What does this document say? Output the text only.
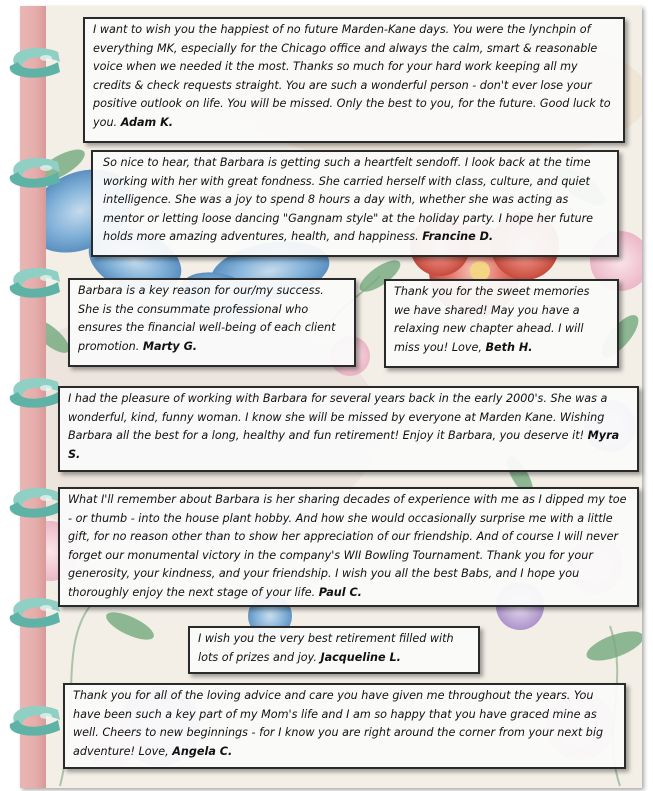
I want to wish you the happiest of no future Marden-Kane days. You were the lynchpin of everything MK, especially for the Chicago office and always the calm, smart & reasonable voice when we needed it the most. Thanks so much for your hard work keeping all my credits & check requests straight. You are such a wonderful person - don't ever lose your positive outlook on life. You will be missed. Only the best to you, for the future. Good luck to you. Adam K.
So nice to hear, that Barbara is getting such a heartfelt sendoff. I look back at the time working with her with great fondness. She carried herself with class, culture, and quiet intelligence. She was a joy to spend 8 hours a day with, whether she was acting as mentor or letting loose dancing "Gangnam style" at the holiday party. I hope her future holds more amazing adventures, health, and happiness. Francine D.
Barbara is a key reason for our/my success. She is the consummate professional who ensures the financial well-being of each client promotion. Marty G.
Thank you for the sweet memories we have shared! May you have a relaxing new chapter ahead. I will miss you! Love, Beth H.
I had the pleasure of working with Barbara for several years back in the early 2000's. She was a wonderful, kind, funny woman. I know she will be missed by everyone at Marden Kane. Wishing Barbara all the best for a long, healthy and fun retirement! Enjoy it Barbara, you deserve it! Myra S.
What I'll remember about Barbara is her sharing decades of experience with me as I dipped my toe - or thumb - into the house plant hobby. And how she would occasionally surprise me with a little gift, for no reason other than to show her appreciation of our friendship. And of course I will never forget our monumental victory in the company's WII Bowling Tournament. Thank you for your generosity, your kindness, and your friendship. I wish you all the best Babs, and I hope you thoroughly enjoy the next stage of your life. Paul C.
I wish you the very best retirement filled with lots of prizes and joy. Jacqueline L.
Thank you for all of the loving advice and care you have given me throughout the years. You have been such a key part of my Mom's life and I am so happy that you have graced mine as well. Cheers to new beginnings - for I know you are right around the corner from your next big adventure! Love, Angela C.
